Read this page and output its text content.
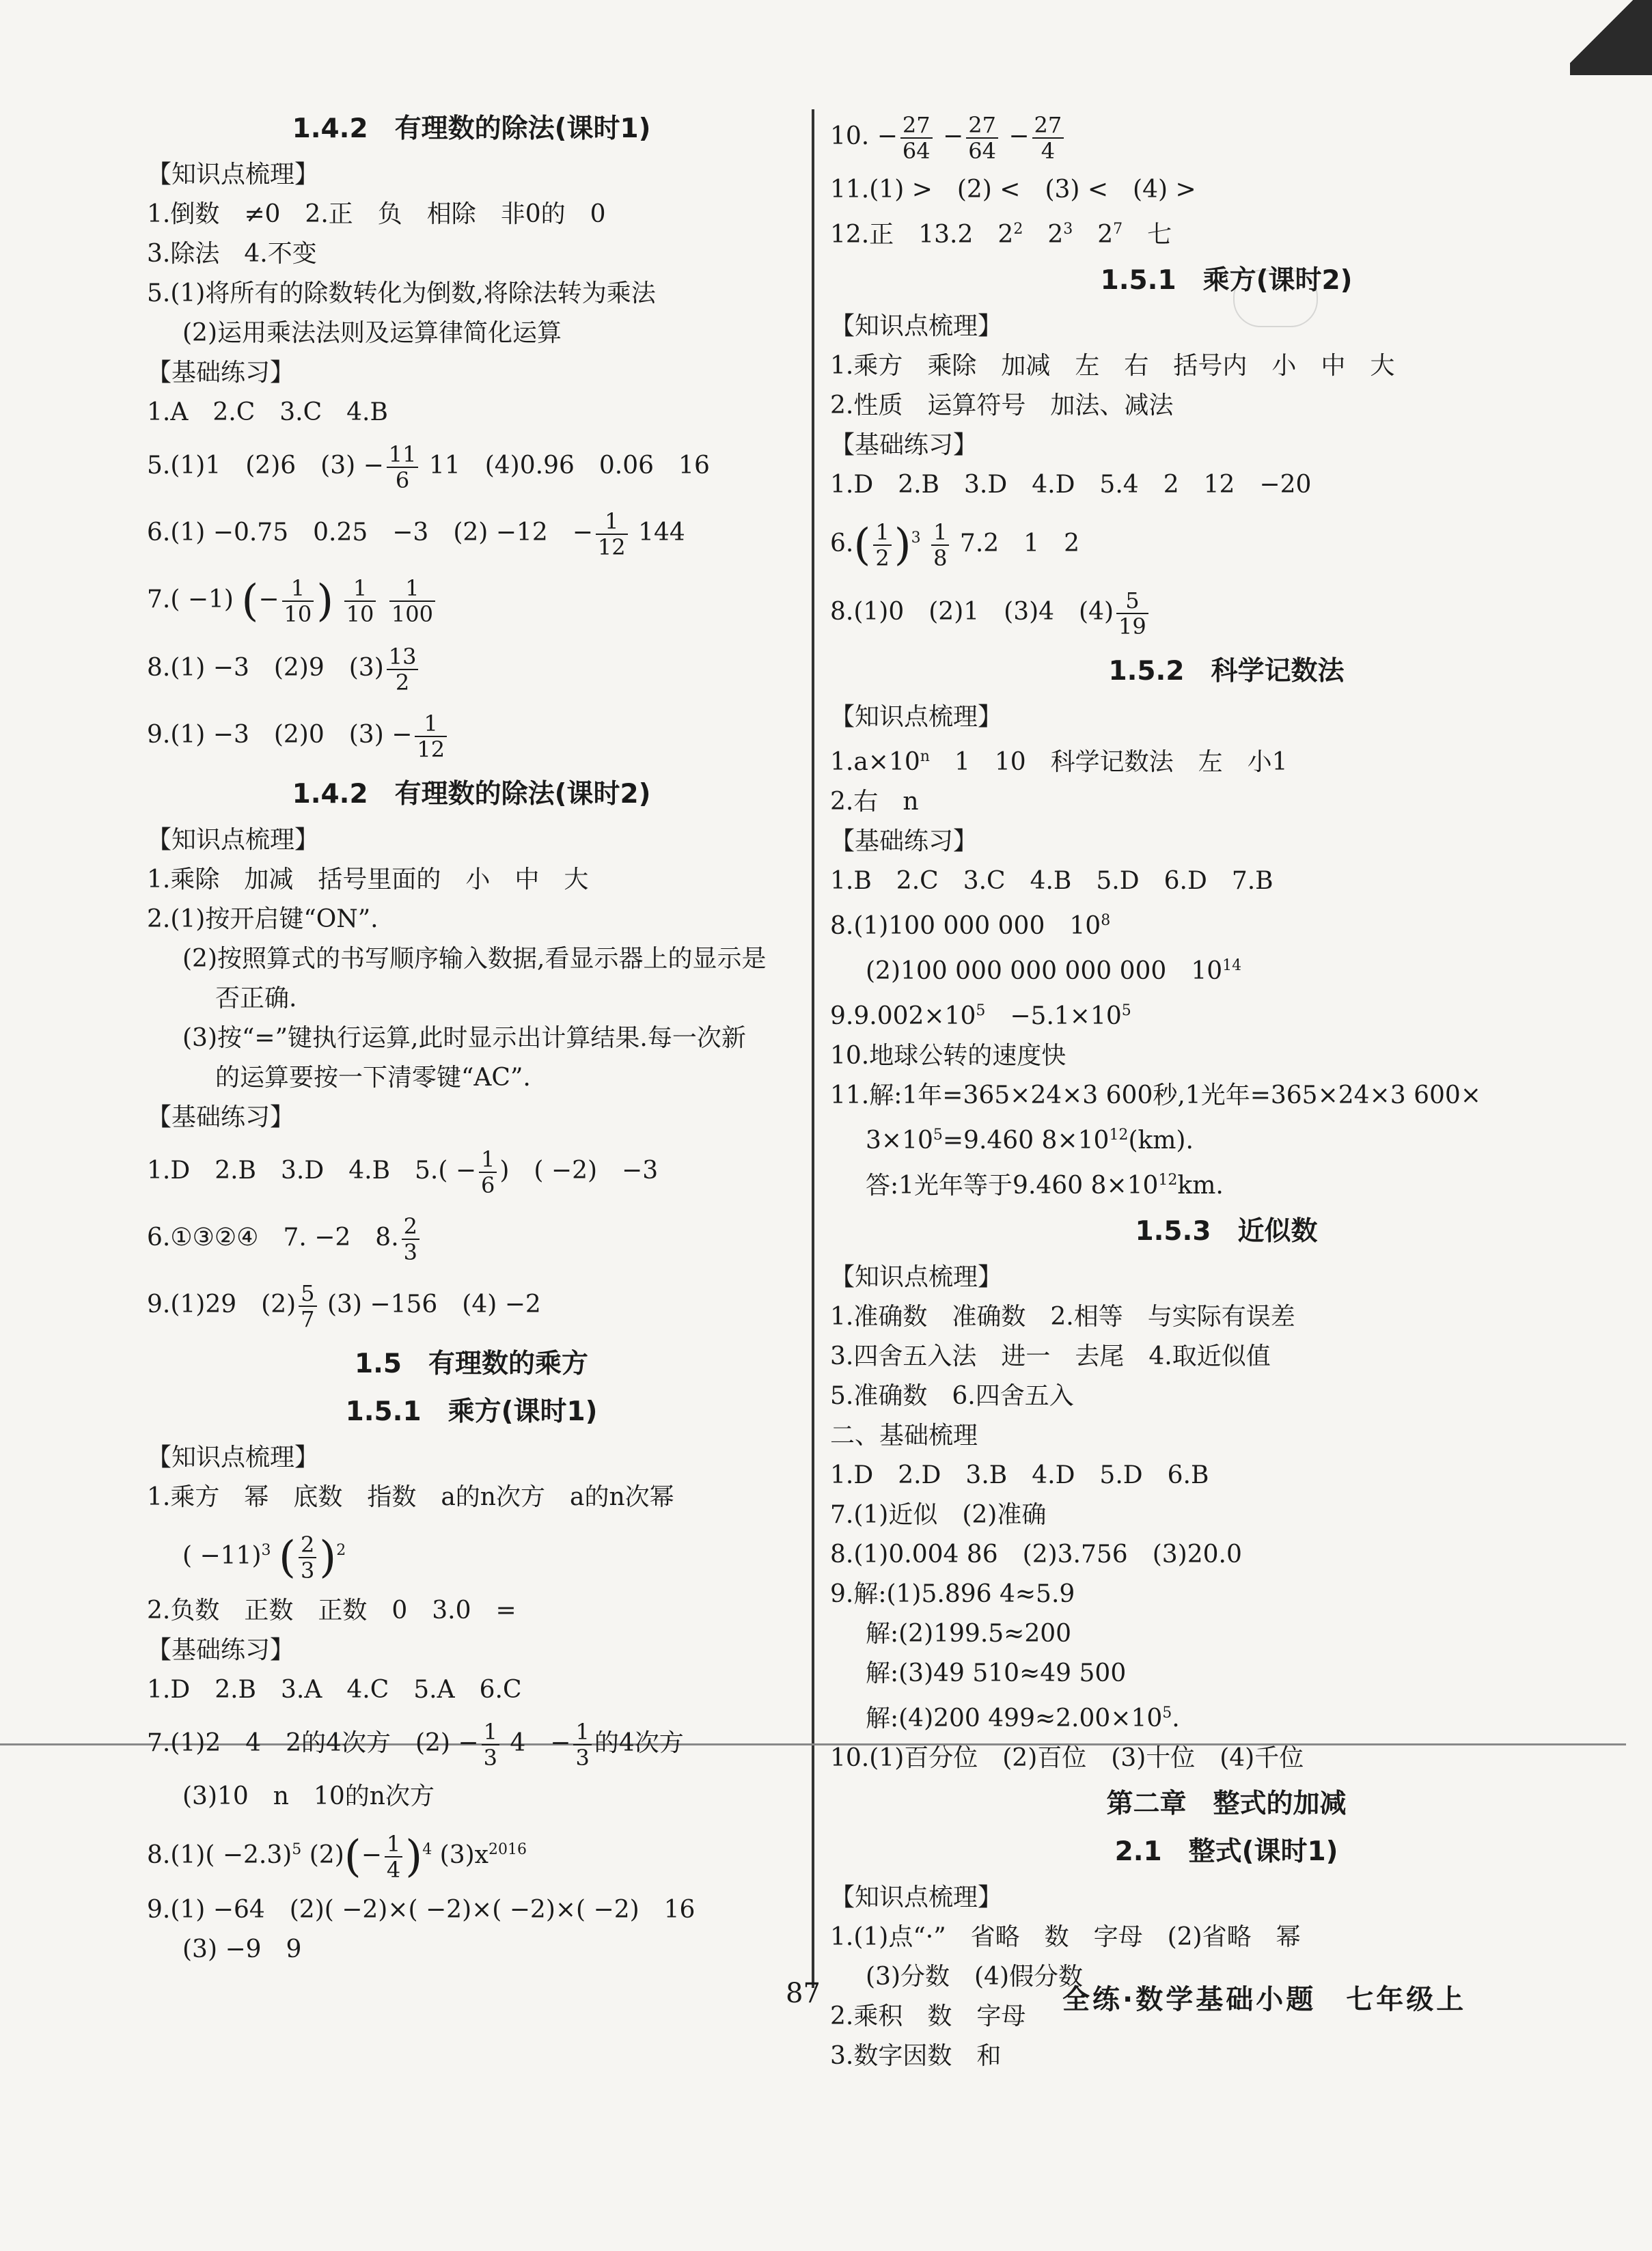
1.4.2　有理数的除法(课时1)
【知识点梳理】
1.倒数　≠0　2.正　负　相除　非0的　0
3.除法　4.不变
5.(1)将所有的除数转化为倒数,将除法转为乘法
(2)运用乘法法则及运算律简化运算
【基础练习】
1.A　2.C　3.C　4.B
5.(1)1　(2)6　$(3) - \frac{11}{6} 11$　(4)0.96　0.06　16
6.(1) −0.75　0.25　−3　(2) −12　− $\frac{1}{12} 144$
7.( −1) (− $\frac{1}{10}$ ) $\frac{1}{10}$
$\frac{1}{100}$
8.(1) −3　(2)9　$(3) \frac{13}{2}$
9.(1) −3　(2)0　$(3) - \frac{1}{12}$
1.4.2　有理数的除法(课时2)
【知识点梳理】
1.乘除　加减　括号里面的　小　中　大
2.(1)按开启键“ON”.
(2)按照算式的书写顺序输入数据,看显示器上的显示是
否正确.
(3)按“=”键执行运算,此时显示出计算结果.每一次新
的运算要按一下清零键“AC”.
【基础练习】
1.D　2.B　3.D　4.B　$5.( - \frac{1}{6}$ )　( −2)　−3
6.①③②④　7. −2　8. $\frac{2}{3}$
9.(1)29　$(2) \frac{5}{7} (3) -156$　(4) −2
1.5　有理数的乘方
1.5.1　乘方(课时1)
【知识点梳理】
1.乘方　幂　底数　指数　a的n次方　a的n次幂
( −11)$^3$ ( $\frac{2}{3} )^2$
2.负数　正数　正数　0　3.0　=
【基础练习】
1.D　2.B　3.A　4.C　5.A　6.C
7.(1)2　4　2的4次方　$(2) - \frac{1}{3} 4$　− $\frac{1}{3}$ 的4次方
(3)10　n　10的n次方
$8.(1)( -2.3)^5$ $(2)(- \frac{1}{4} )^4$ $(3)x^{2016}$
9.(1) −64　(2)( −2)×( −2)×( −2)×( −2)　16
(3) −9　9
10. − $\frac{27}{64} - \frac{27}{64} - \frac{27}{4}$
11.(1) >　(2) <　(3) <　(4) >
12.正　13.2　$2^2$　$2^3$　$2^7$　七
1.5.1　乘方(课时2)
【知识点梳理】
1.乘方　乘除　加减　左　右　括号内　小　中　大
2.性质　运算符号　加法、减法
【基础练习】
1.D　2.B　3.D　4.D　5.4　2　12　−20
$6.( \frac{1}{2} )^3 \frac{1}{8} 7.2$　1　2
8.(1)0　(2)1　(3)4　$(4) \frac{5}{19}$
1.5.2　科学记数法
【知识点梳理】
$1.a\times 10^n$　1　10　科学记数法　左　小1
2.右　n
【基础练习】
1.B　2.C　3.C　4.B　5.D　6.D　7.B
8.(1)100 000 000　$10^8$
(2)100 000 000 000 000　$10^{14}$
$9.9.002\times 10^5$　$-5.1\times 10^5$
10.地球公转的速度快
11.解:1年=365×24×3 600秒,1光年=365×24×3 600×
$3\times 10^5=9.460$ $8\times 10^{12}(km)$.
答:1光年等于9.460 $8\times 10^{12}km$.
1.5.3　近似数
【知识点梳理】
1.准确数　准确数　2.相等　与实际有误差
3.四舍五入法　进一　去尾　4.取近似值
5.准确数　6.四舍五入
二、基础梳理
1.D　2.D　3.B　4.D　5.D　6.B
7.(1)近似　(2)准确
8.(1)0.004 86　(2)3.756　(3)20.0
9.解:(1)5.896 4≈5.9
解:(2)199.5≈200
解:(3)49 510≈49 500
解:(4)200 $499\approx 2.00\times 10^5$.
10.(1)百分位　(2)百位　(3)十位　(4)千位
第二章　整式的加减
2.1　整式(课时1)
【知识点梳理】
1.(1)点“·”　省略　数　字母　(2)省略　幂
(3)分数　(4)假分数
2.乘积　数　字母
3.数字因数　和
87	全练·数学基础小题　七年级上
